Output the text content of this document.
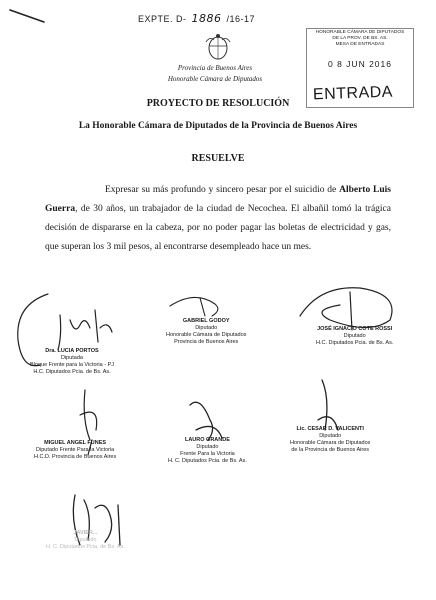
EXPTE. D- 1886 /16-17
Provincia de Buenos Aires
Honorable Cámara de Diputados
HONORABLE CÁMARA DE DIPUTADOS
DE LA PROV. DE BS. AS.
MESA DE ENTRADAS
0 8 JUN 2016
ENTRADA
PROYECTO DE RESOLUCIÓN
La Honorable Cámara de Diputados de la Provincia de Buenos Aires
RESUELVE
Expresar su más profundo y sincero pesar por el suicidio de Alberto Luis Guerra, de 30 años, un trabajador de la ciudad de Necochea. El albañil tomó la trágica decisión de dispararse en la cabeza, por no poder pagar las boletas de electricidad y gas, que superan los 3 mil pesos, al encontrarse desempleado hace un mes.
Dra. LUCIA PORTOS
Diputada
Bloque Frente para la Victoria - PJ
H.C. Diputados Pcia. de Bs. As.
GABRIEL GODOY
Diputado
Honorable Cámara de Diputados
Provincia de Buenos Aires
JOSÉ IGNACIO COTE ROSSI
Diputado
H.C. Diputados Pcia. de Bs. As.
MIGUEL ANGEL FUNES
Diputado Frente Para la Victoria
H.C.D. Provincia de Buenos Aires
LAURO GRANDE
Diputado
Frente Para la Victoria
H. C. Diputados Pcia. de Bs. As.
Lic. CESAR D. VALICENTI
Diputado
Honorable Cámara de Diputados
de la Provincia de Buenos Aires
JAVIER...
Diputado
H. C. Diputados Pcia. de Bs. As.
